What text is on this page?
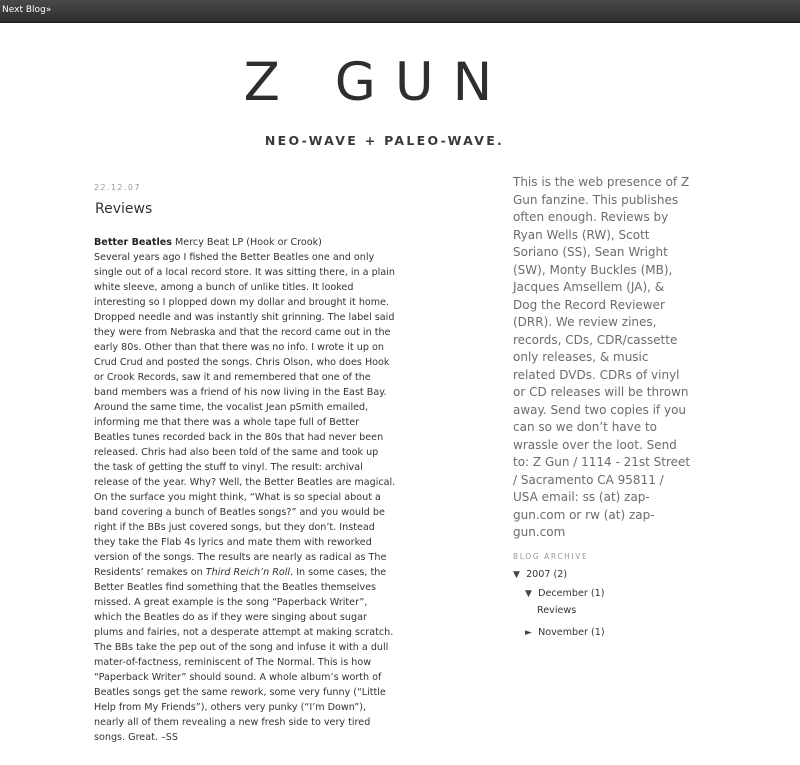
Next Blog»
Z GUN

NEO-WAVE + PALEO-WAVE.

22.12.07

Reviews

Better Beatles Mercy Beat LP (Hook or Crook)
Several years ago I fished the Better Beatles one and only single out of a local record store. It was sitting there, in a plain white sleeve, among a bunch of unlike titles. It looked interesting so I plopped down my dollar and brought it home. Dropped needle and was instantly shit grinning. The label said they were from Nebraska and that the record came out in the early 80s. Other than that there was no info. I wrote it up on Crud Crud and posted the songs. Chris Olson, who does Hook or Crook Records, saw it and remembered that one of the band members was a friend of his now living in the East Bay. Around the same time, the vocalist Jean pSmith emailed, informing me that there was a whole tape full of Better Beatles tunes recorded back in the 80s that had never been released. Chris had also been told of the same and took up the task of getting the stuff to vinyl. The result: archival release of the year. Why? Well, the Better Beatles are magical. On the surface you might think, “What is so special about a band covering a bunch of Beatles songs?” and you would be right if the BBs just covered songs, but they don’t. Instead they take the Flab 4s lyrics and mate them with reworked version of the songs. The results are nearly as radical as The Residents’ remakes on Third Reich’n Roll. In some cases, the Better Beatles find something that the Beatles themselves missed. A great example is the song “Paperback Writer”, which the Beatles do as if they were singing about sugar plums and fairies, not a desperate attempt at making scratch. The BBs take the pep out of the song and infuse it with a dull mater-of-factness, reminiscent of The Normal. This is how “Paperback Writer” should sound. A whole album’s worth of Beatles songs get the same rework, some very funny (“Little Help from My Friends”), others very punky (“I’m Down”), nearly all of them revealing a new fresh side to very tired songs. Great. –SS

This is the web presence of Z Gun fanzine. This publishes often enough. Reviews by Ryan Wells (RW), Scott Soriano (SS), Sean Wright (SW), Monty Buckles (MB), Jacques Amsellem (JA), & Dog the Record Reviewer (DRR). We review zines, records, CDs, CDR/cassette only releases, & music related DVDs. CDRs of vinyl or CD releases will be thrown away. Send two copies if you can so we don’t have to wrassle over the loot. Send to: Z Gun / 1114 - 21st Street / Sacramento CA 95811 / USA email: ss (at) zap-gun.com or rw (at) zap-gun.com

BLOG ARCHIVE
▼ 2007 (2)
▼ December (1)
Reviews
► November (1)
